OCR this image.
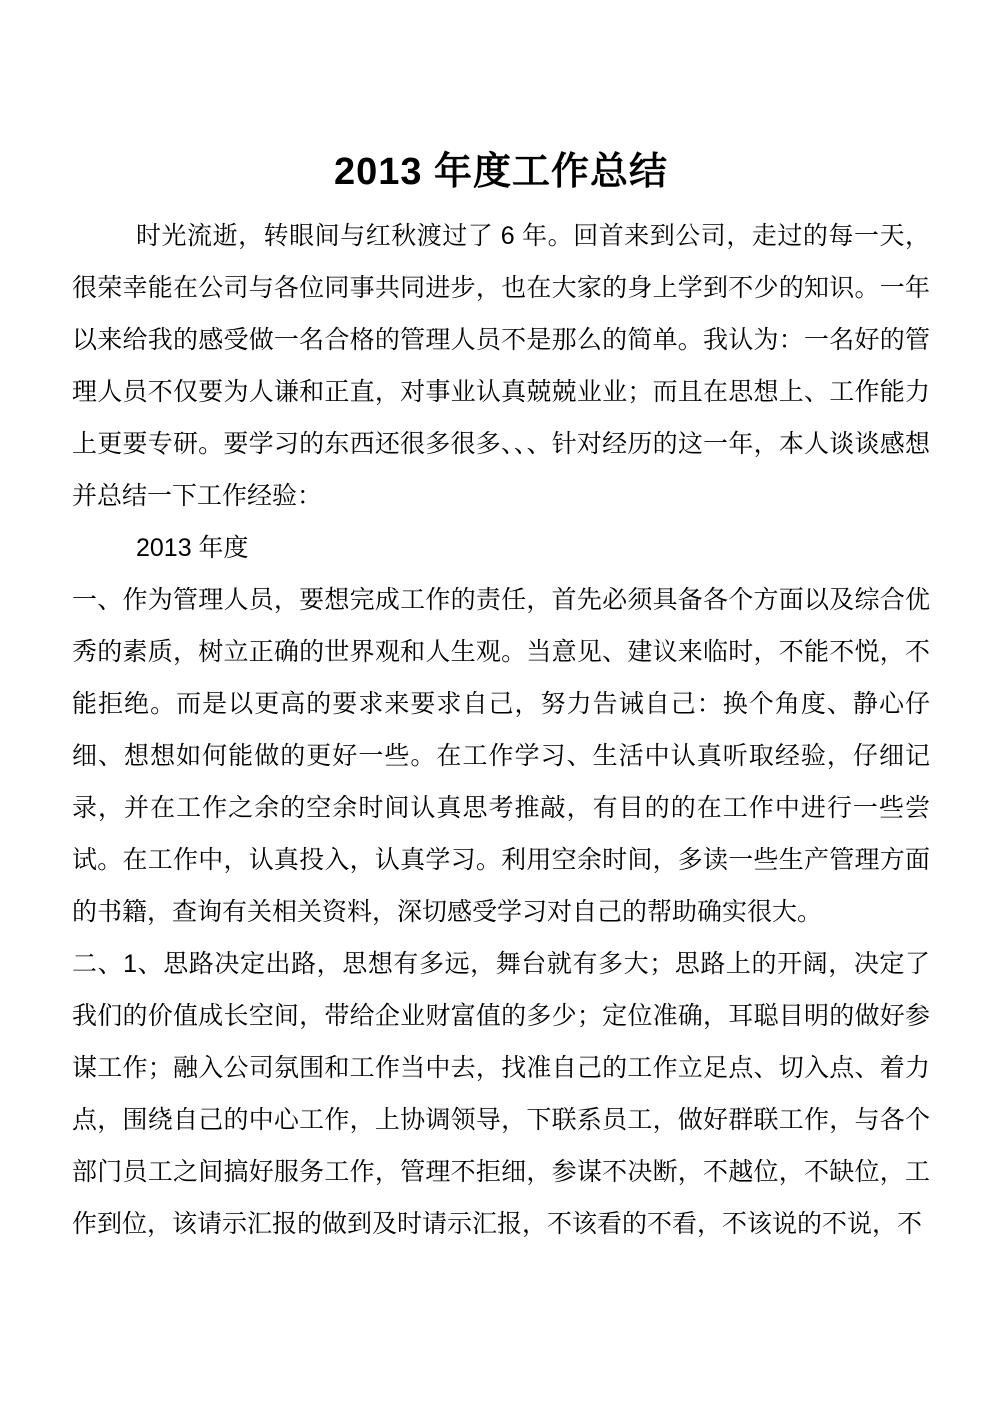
2013 年度工作总结

时光流逝，转眼间与红秋渡过了 6 年。回首来到公司，走过的每一天，很荣幸能在公司与各位同事共同进步，也在大家的身上学到不少的知识。一年以来给我的感受做一名合格的管理人员不是那么的简单。我认为：一名好的管理人员不仅要为人谦和正直，对事业认真兢兢业业；而且在思想上、工作能力上更要专研。要学习的东西还很多很多、、、针对经历的这一年，本人谈谈感想并总结一下工作经验：

2013 年度

一、作为管理人员，要想完成工作的责任，首先必须具备各个方面以及综合优秀的素质，树立正确的世界观和人生观。当意见、建议来临时，不能不悦，不能拒绝。而是以更高的要求来要求自己，努力告诫自己：换个角度、静心仔细、想想如何能做的更好一些。在工作学习、生活中认真听取经验，仔细记录，并在工作之余的空余时间认真思考推敲，有目的的在工作中进行一些尝试。在工作中，认真投入，认真学习。利用空余时间，多读一些生产管理方面的书籍，查询有关相关资料，深切感受学习对自己的帮助确实很大。

二、1、思路决定出路，思想有多远，舞台就有多大；思路上的开阔，决定了我们的价值成长空间，带给企业财富值的多少；定位准确，耳聪目明的做好参谋工作；融入公司氛围和工作当中去，找准自己的工作立足点、切入点、着力点，围绕自己的中心工作，上协调领导，下联系员工，做好群联工作，与各个部门员工之间搞好服务工作，管理不拒细，参谋不决断，不越位，不缺位，工作到位，该请示汇报的做到及时请示汇报，不该看的不看，不该说的不说，不
